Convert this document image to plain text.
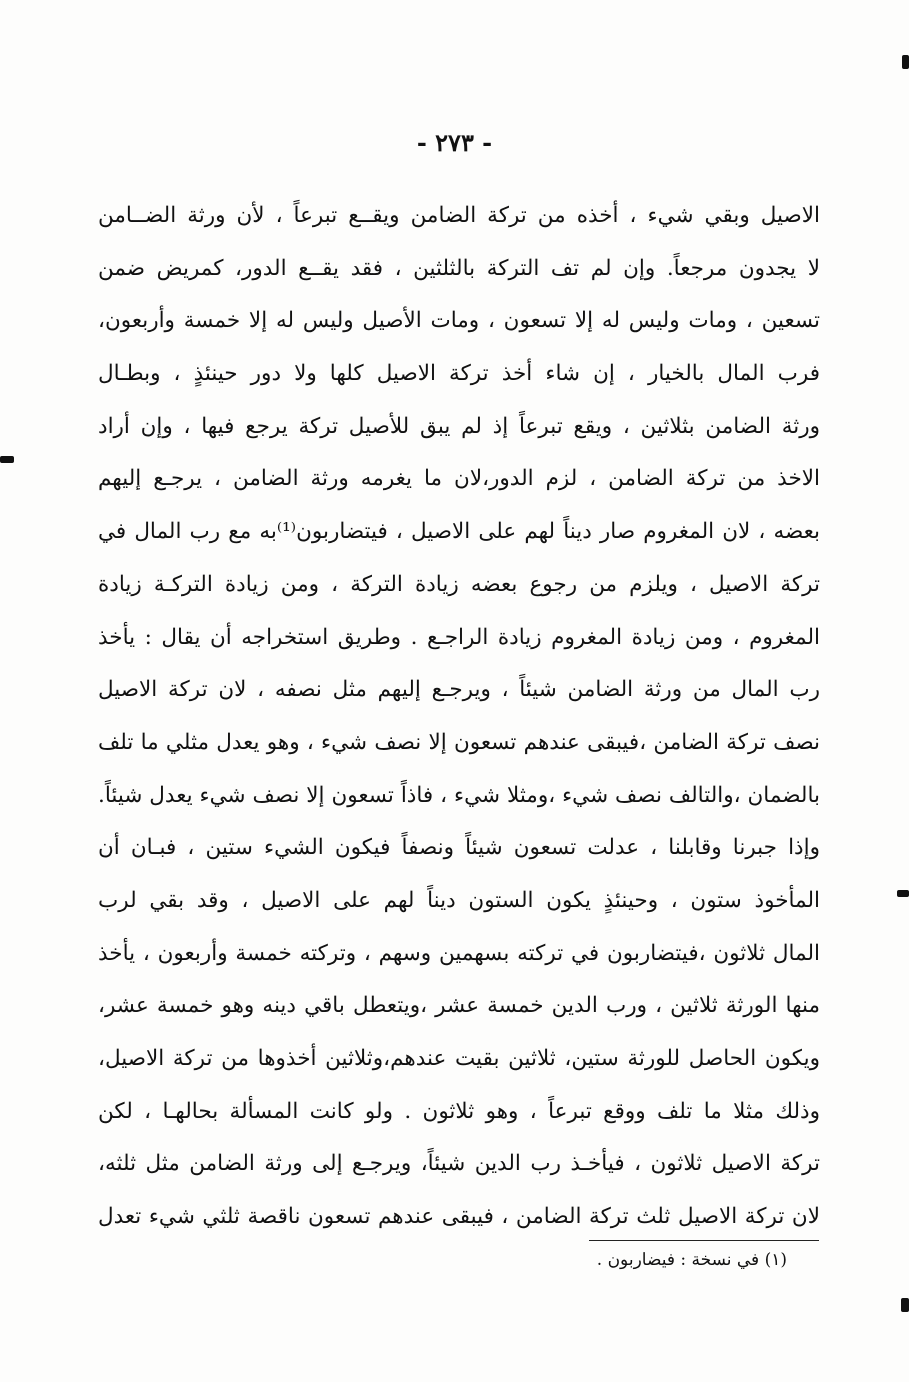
- ٢٧٣ -
الاصيل وبقي شيء ، أخذه من تركة الضامن ويقــع تبرعاً ، لأن ورثة الضــامن
لا يجدون مرجعاً. وإن لم تف التركة بالثلثين ، فقد يقــع الدور، كمريض ضمن
تسعين ، ومات وليس له إلا تسعون ، ومات الأصيل وليس له إلا خمسة وأربعون،
فرب المال بالخيار ، إن شاء أخذ تركة الاصيل كلها ولا دور حينئذٍ ، وبطـال
ورثة الضامن بثلاثين ، ويقع تبرعاً إذ لم يبق للأصيل تركة يرجع فيها ، وإن أراد
الاخذ من تركة الضامن ، لزم الدور،لان ما يغرمه ورثة الضامن ، يرجـع إليهم
بعضه ، لان المغروم صار ديناً لهم على الاصيل ، فيتضاربون⁽¹⁾به مع رب المال في
تركة الاصيل ، ويلزم من رجوع بعضه زيادة التركة ، ومن زيادة التركـة زيادة
المغروم ، ومن زيادة المغروم زيادة الراجـع . وطريق استخراجه أن يقال : يأخذ
رب المال من ورثة الضامن شيئاً ، ويرجـع إليهم مثل نصفه ، لان تركة الاصيل
نصف تركة الضامن ،فيبقى عندهم تسعون إلا نصف شيء ، وهو يعدل مثلي ما تلف
بالضمان ،والتالف نصف شيء ،ومثلا شيء ، فاذاً تسعون إلا نصف شيء يعدل شيئاً.
وإذا جبرنا وقابلنا ، عدلت تسعون شيئاً ونصفاً فيكون الشيء ستين ، فبـان أن
المأخوذ ستون ، وحينئذٍ يكون الستون ديناً لهم على الاصيل ، وقد بقي لرب
المال ثلاثون ،فيتضاربون في تركته بسهمين وسهم ، وتركته خمسة وأربعون ، يأخذ
منها الورثة ثلاثين ، ورب الدين خمسة عشر ،ويتعطل باقي دينه وهو خمسة عشر،
ويكون الحاصل للورثة ستين، ثلاثين بقيت عندهم،وثلاثين أخذوها من تركة الاصيل،
وذلك مثلا ما تلف ووقع تبرعاً ، وهو ثلاثون . ولو كانت المسألة بحالهـا ، لكن
تركة الاصيل ثلاثون ، فيأخـذ رب الدين شيئاً، ويرجـع إلى ورثة الضامن مثل ثلثه،
لان تركة الاصيل ثلث تركة الضامن ، فيبقى عندهم تسعون ناقصة ثلثي شيء تعدل
(١) في نسخة : فيضاربون .
